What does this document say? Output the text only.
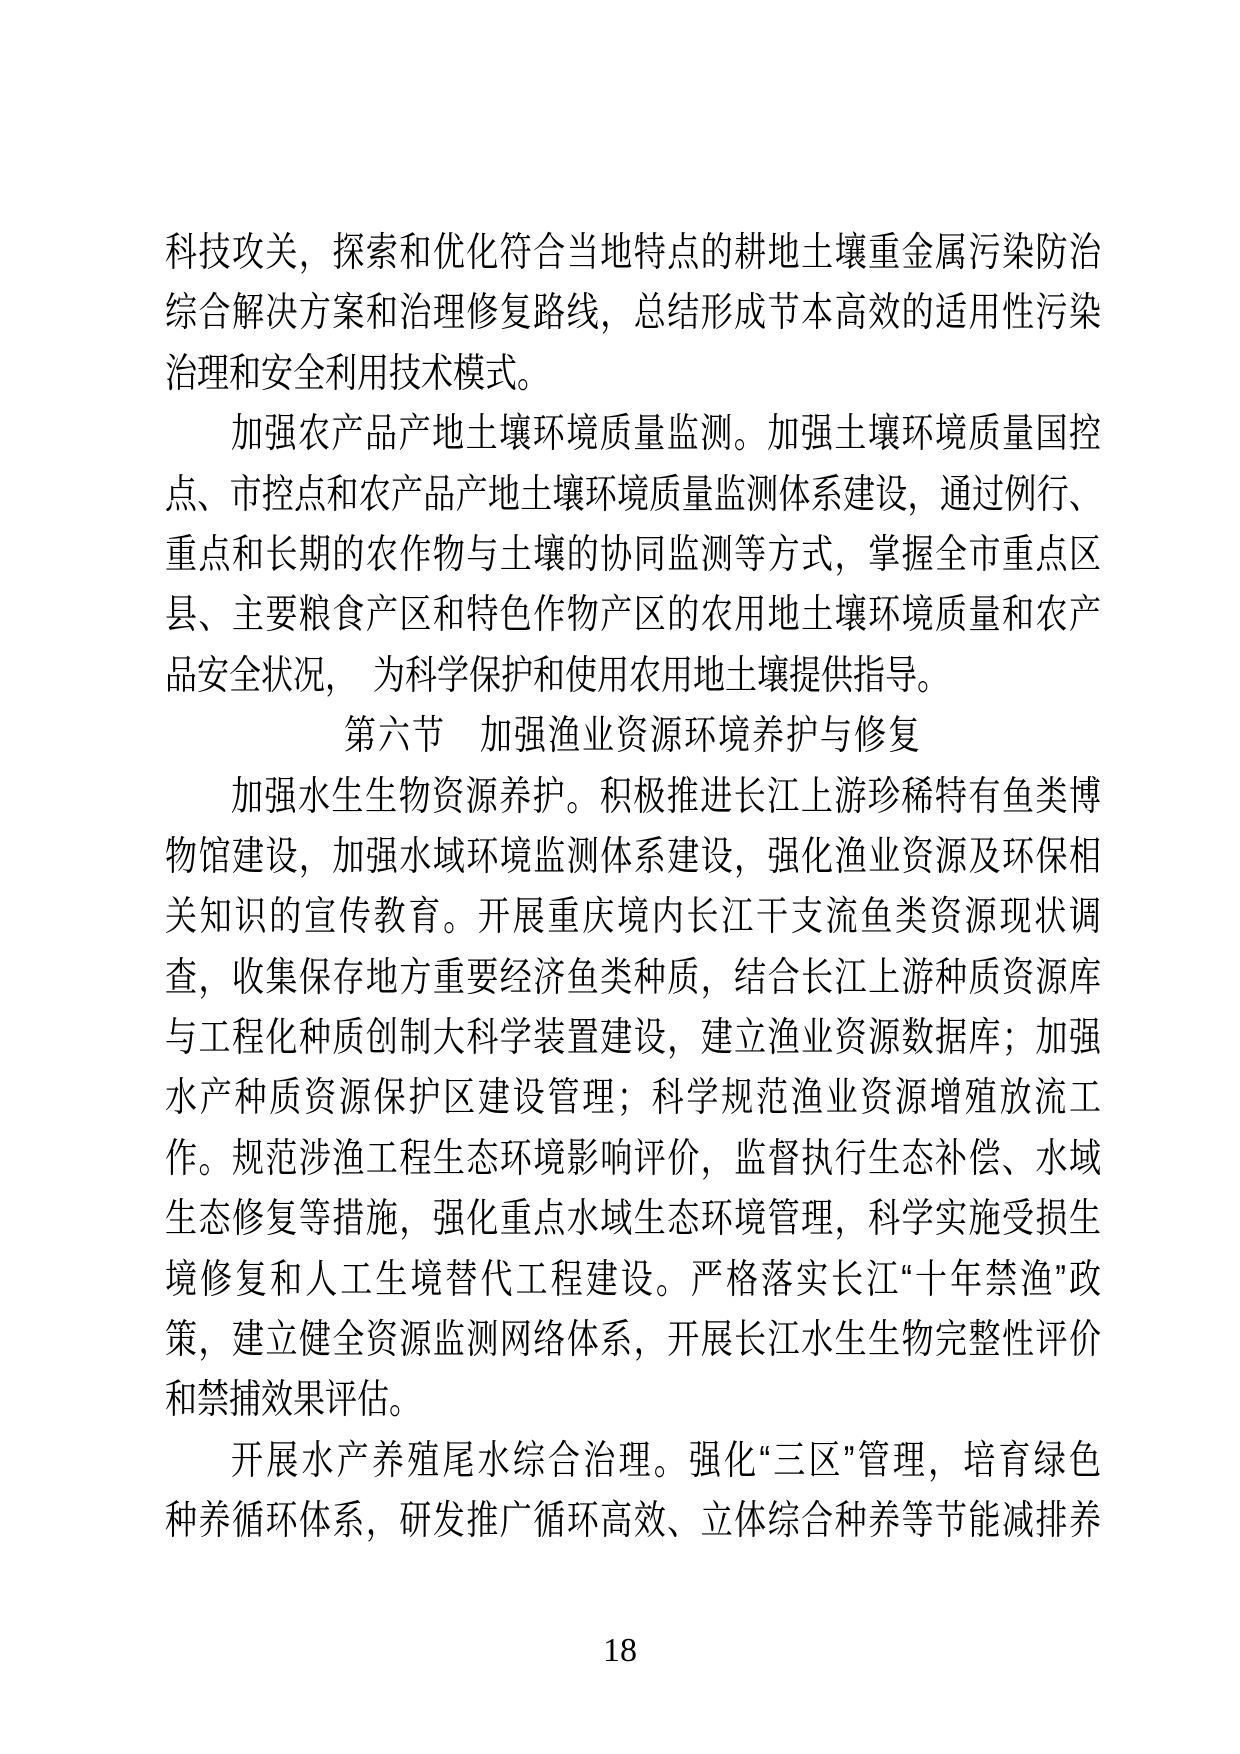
科技攻关，探索和优化符合当地特点的耕地土壤重金属污染防治
综合解决方案和治理修复路线，总结形成节本高效的适用性污染
治理和安全利用技术模式。
加强农产品产地土壤环境质量监测。加强土壤环境质量国控
点、市控点和农产品产地土壤环境质量监测体系建设，通过例行、
重点和长期的农作物与土壤的协同监测等方式，掌握全市重点区
县、主要粮食产区和特色作物产区的农用地土壤环境质量和农产
品安全状况，　为科学保护和使用农用地土壤提供指导。
第六节　加强渔业资源环境养护与修复
加强水生生物资源养护。积极推进长江上游珍稀特有鱼类博
物馆建设，加强水域环境监测体系建设，强化渔业资源及环保相
关知识的宣传教育。开展重庆境内长江干支流鱼类资源现状调
查，收集保存地方重要经济鱼类种质，结合长江上游种质资源库
与工程化种质创制大科学装置建设，建立渔业资源数据库；加强
水产种质资源保护区建设管理；科学规范渔业资源增殖放流工
作。规范涉渔工程生态环境影响评价，监督执行生态补偿、水域
生态修复等措施，强化重点水域生态环境管理，科学实施受损生
境修复和人工生境替代工程建设。严格落实长江“十年禁渔”政
策，建立健全资源监测网络体系，开展长江水生生物完整性评价
和禁捕效果评估。
开展水产养殖尾水综合治理。强化“三区”管理，培育绿色
种养循环体系，研发推广循环高效、立体综合种养等节能减排养
18
